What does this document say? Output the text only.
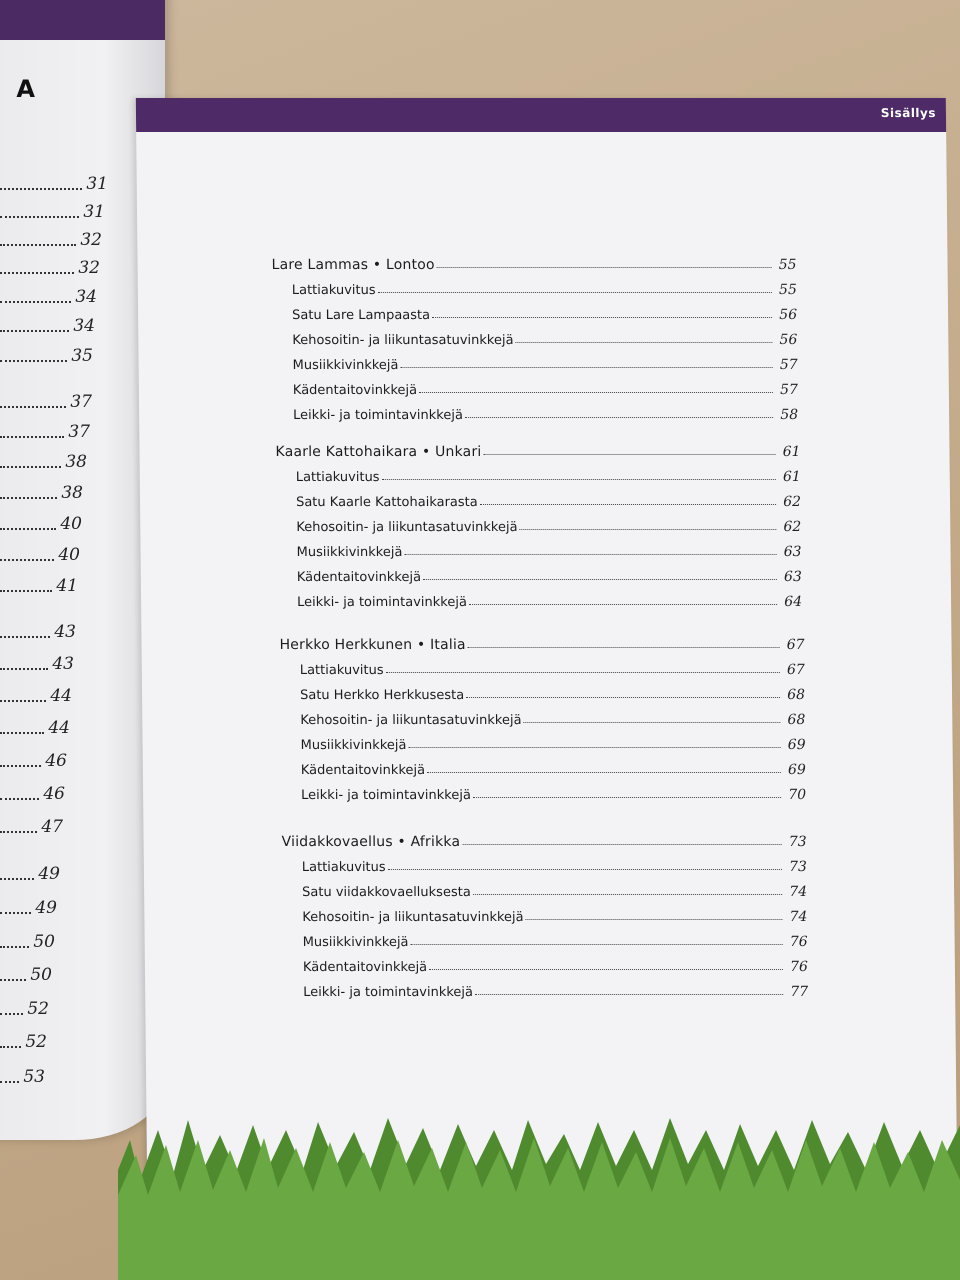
A
31
31
32
32
34
34
35
37
37
38
38
40
40
41
43
43
44
44
46
46
47
49
49
50
50
52
52
53
Sisällys
Lare Lammas • Lontoo	55
Lattiakuvitus	55
Satu Lare Lampaasta	56
Kehosoitin- ja liikuntasatuvinkkejä	56
Musiikkivinkkejä	57
Kädentaitovinkkejä	57
Leikki- ja toimintavinkkejä	58
Kaarle Kattohaikara • Unkari	61
Lattiakuvitus	61
Satu Kaarle Kattohaikarasta	62
Kehosoitin- ja liikuntasatuvinkkejä	62
Musiikkivinkkejä	63
Kädentaitovinkkejä	63
Leikki- ja toimintavinkkejä	64
Herkko Herkkunen • Italia	67
Lattiakuvitus	67
Satu Herkko Herkkusesta	68
Kehosoitin- ja liikuntasatuvinkkejä	68
Musiikkivinkkejä	69
Kädentaitovinkkejä	69
Leikki- ja toimintavinkkejä	70
Viidakkovaellus • Afrikka	73
Lattiakuvitus	73
Satu viidakkovaelluksesta	74
Kehosoitin- ja liikuntasatuvinkkejä	74
Musiikkivinkkejä	76
Kädentaitovinkkejä	76
Leikki- ja toimintavinkkejä	77
